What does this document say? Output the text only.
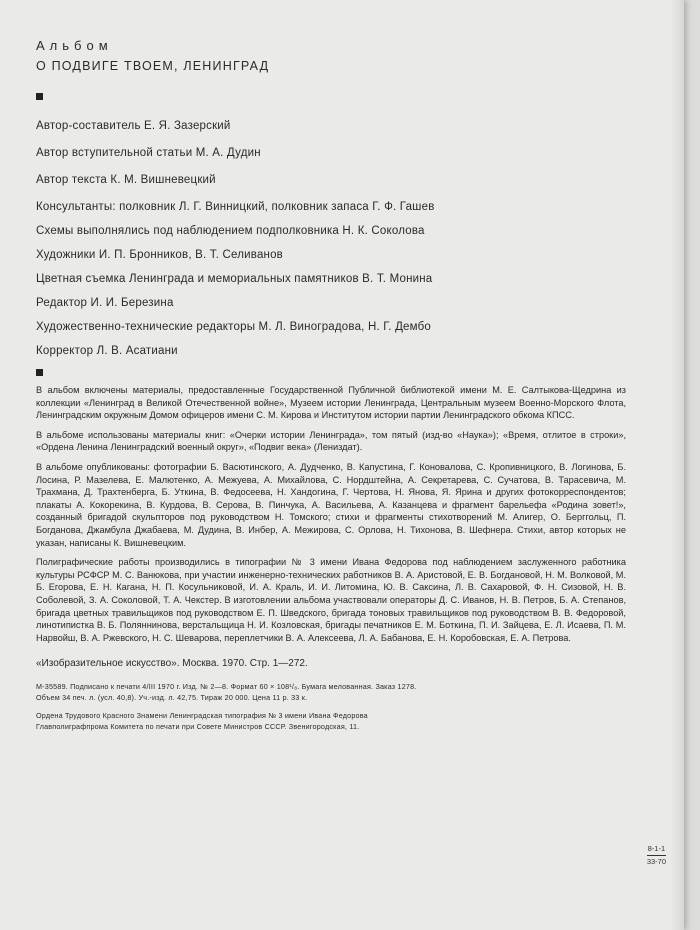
Альбом
О ПОДВИГЕ ТВОЕМ, ЛЕНИНГРАД

Автор-составитель Е. Я. Зазерский

Автор вступительной статьи М. А. Дудин

Автор текста К. М. Вишневецкий

Консультанты: полковник Л. Г. Винницкий, полковник запаса Г. Ф. Гашев

Схемы выполнялись под наблюдением подполковника Н. К. Соколова

Художники И. П. Бронников, В. Т. Селиванов

Цветная съемка Ленинграда и мемориальных памятников В. Т. Монина

Редактор И. И. Березина

Художественно-технические редакторы М. Л. Виноградова, Н. Г. Дембо

Корректор Л. В. Асатиани

В альбом включены материалы, предоставленные Государственной Публичной библиотекой имени М. Е. Салтыкова-Щедрина из коллекции «Ленинград в Великой Отечественной войне», Музеем истории Ленинграда, Центральным музеем Военно-Морского Флота, Ленинградским окружным Домом офицеров имени С. М. Кирова и Институтом истории партии Ленинградского обкома КПСС.

В альбоме использованы материалы книг: «Очерки истории Ленинграда», том пятый (изд-во «Наука»); «Время, отлитое в строки», «Ордена Ленина Ленинградский военный округ», «Подвиг века» (Лениздат).

В альбоме опубликованы: фотографии Б. Васютинского, А. Дудченко, В. Капустина, Г. Коновалова, С. Кропивницкого, В. Логинова, Б. Лосина, Р. Мазелева, Е. Малютенко, А. Межуева, А. Михайлова, С. Нордштейна, А. Секретарева, С. Сучатова, В. Тарасевича, М. Трахмана, Д. Трахтенберга, Б. Уткина, В. Федосеева, Н. Хандогина, Г. Чертова, Н. Янова, Я. Ярина и других фотокорреспондентов; плакаты А. Кокорекина, В. Курдова, В. Серова, В. Пинчука, А. Васильева, А. Казанцева и фрагмент барельефа «Родина зовет!», созданный бригадой скульпторов под руководством Н. Томского; стихи и фрагменты стихотворений М. Алигер, О. Берггольц, П. Богданова, Джамбула Джабаева, М. Дудина, В. Инбер, А. Межирова, С. Орлова, Н. Тихонова, В. Шефнера. Стихи, автор которых не указан, написаны К. Вишневецким.

Полиграфические работы производились в типографии № 3 имени Ивана Федорова под наблюдением заслуженного работника культуры РСФСР М. С. Ванюкова, при участии инженерно-технических работников В. А. Аристовой, Е. В. Богдановой, Н. М. Волковой, М. Б. Егорова, Е. Н. Кагана, Н. П. Косульниковой, И. А. Краль, И. И. Литомина, Ю. В. Саксина, Л. В. Сахаровой, Ф. Н. Сизовой, Н. В. Соболевой, З. А. Соколовой, Т. А. Чекстер. В изготовлении альбома участвовали операторы Д. С. Иванов, Н. В. Петров, Б. А. Степанов, бригада цветных травильщиков под руководством Е. П. Шведского, бригада тоновых травильщиков под руководством В. В. Федоровой, линотипистка В. Б. Поляннинова, верстальщица Н. И. Козловская, бригады печатников Е. М. Боткина, П. И. Зайцева, Е. Л. Исаева, П. М. Нарвойш, В. А. Ржевского, Н. С. Шеварова, переплетчики В. А. Алексеева, Л. А. Бабанова, Е. Н. Коробовская, Е. А. Петрова.

«Изобразительное искусство». Москва. 1970. Стр. 1—272.

М-35589. Подписано к печати 4/III 1970 г. Изд. № 2—8. Формат 60 × 108¹/₈. Бумага мелованная. Заказ 1278.

Объем 34 печ. л. (усл. 40,8). Уч.-изд. л. 42,75. Тираж 20 000. Цена 11 р. 33 к.

Ордена Трудового Красного Знамени Ленинградская типография № 3 имени Ивана Федорова

Главполиграфпрома Комитета по печати при Совете Министров СССР. Звенигородская, 11.

8-1-1
33-70
